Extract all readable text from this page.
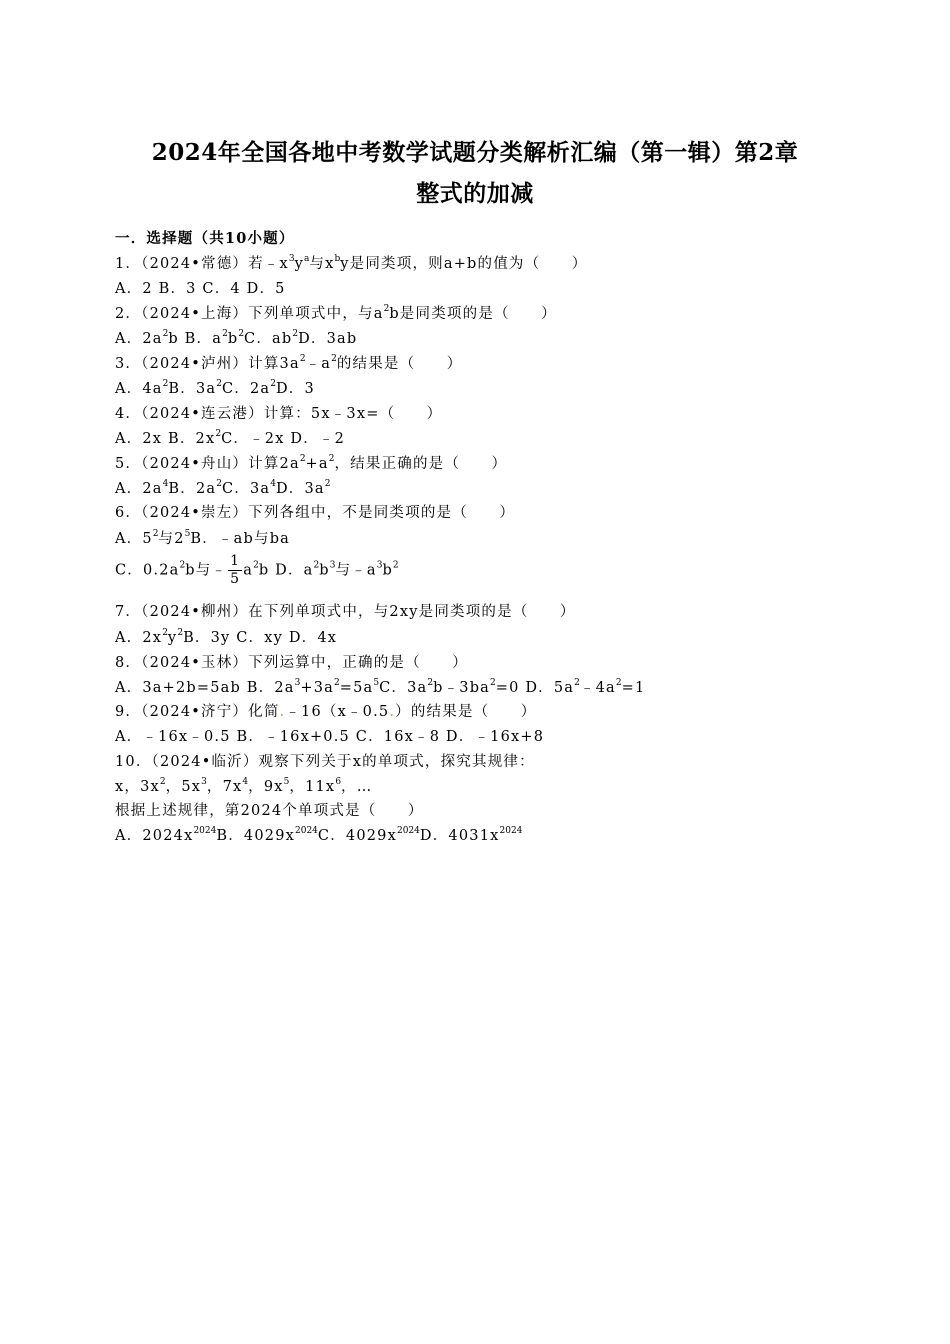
2024年全国各地中考数学试题分类解析汇编（第一辑）第2章
整式的加减
一．选择题（共10小题）
1．（2024•常德）若$﹣x^3y^a$与$x^by$是同类项，则a+b的值为（　　）
A．2 B．3 C．4 D．5
2．（2024•上海）下列单项式中，与$a^2b$是同类项的是（　　）
A．$2a^2b$ B．$a^2b^2C$．$ab^2D$．3ab
3．（2024•泸州）计算$3a^2﹣a^2$的结果是（　　）
A．$4a^2B$．$3a^2C$．$2a^2D$．3
4．（2024•连云港）计算：5x﹣3x=（　　）
A．2x B．$2x^2C$．﹣2x D．﹣2
5．（2024•舟山）计算$2a^2+a^2$，结果正确的是（　　）
A．$2a^4B$．$2a^2C$．$3a^4D$．$3a^2$
6．（2024•崇左）下列各组中，不是同类项的是（　　）
A．$5^2$与$2^5B$．﹣ab与ba
C．$0.2a^2b$与﹣ $\frac{1}{5} a^2b$ D．$a^2b^3$与$﹣a^3b^2$
7．（2024•柳州）在下列单项式中，与2xy是同类项的是（　　）
A．$2x^2y^2B$．3y C．xy D．4x
8．（2024•玉林）下列运算中，正确的是（　　）
A．3a+2b=5ab B．$2a^3+3a^2=5a^5C$．$3a^2b﹣3ba^2=0$ D．$5a^2﹣4a^2=1$
9．（2024•济宁）化简.﹣16（x﹣0.5.）的结果是（　　）
A．﹣16x﹣0.5 B．﹣16x+0.5 C．16x﹣8 D．﹣16x+8
10．（2024•临沂）观察下列关于x的单项式，探究其规律：
x，$3x^2$，$5x^3$，$7x^4$，$9x^5$，$11x^6$，…
根据上述规律，第2024个单项式是（　　）
A．$2024x^{2024}B$．$4029x^{2024}C$．$4029x^{2024}D$．$4031x^{2024}$
